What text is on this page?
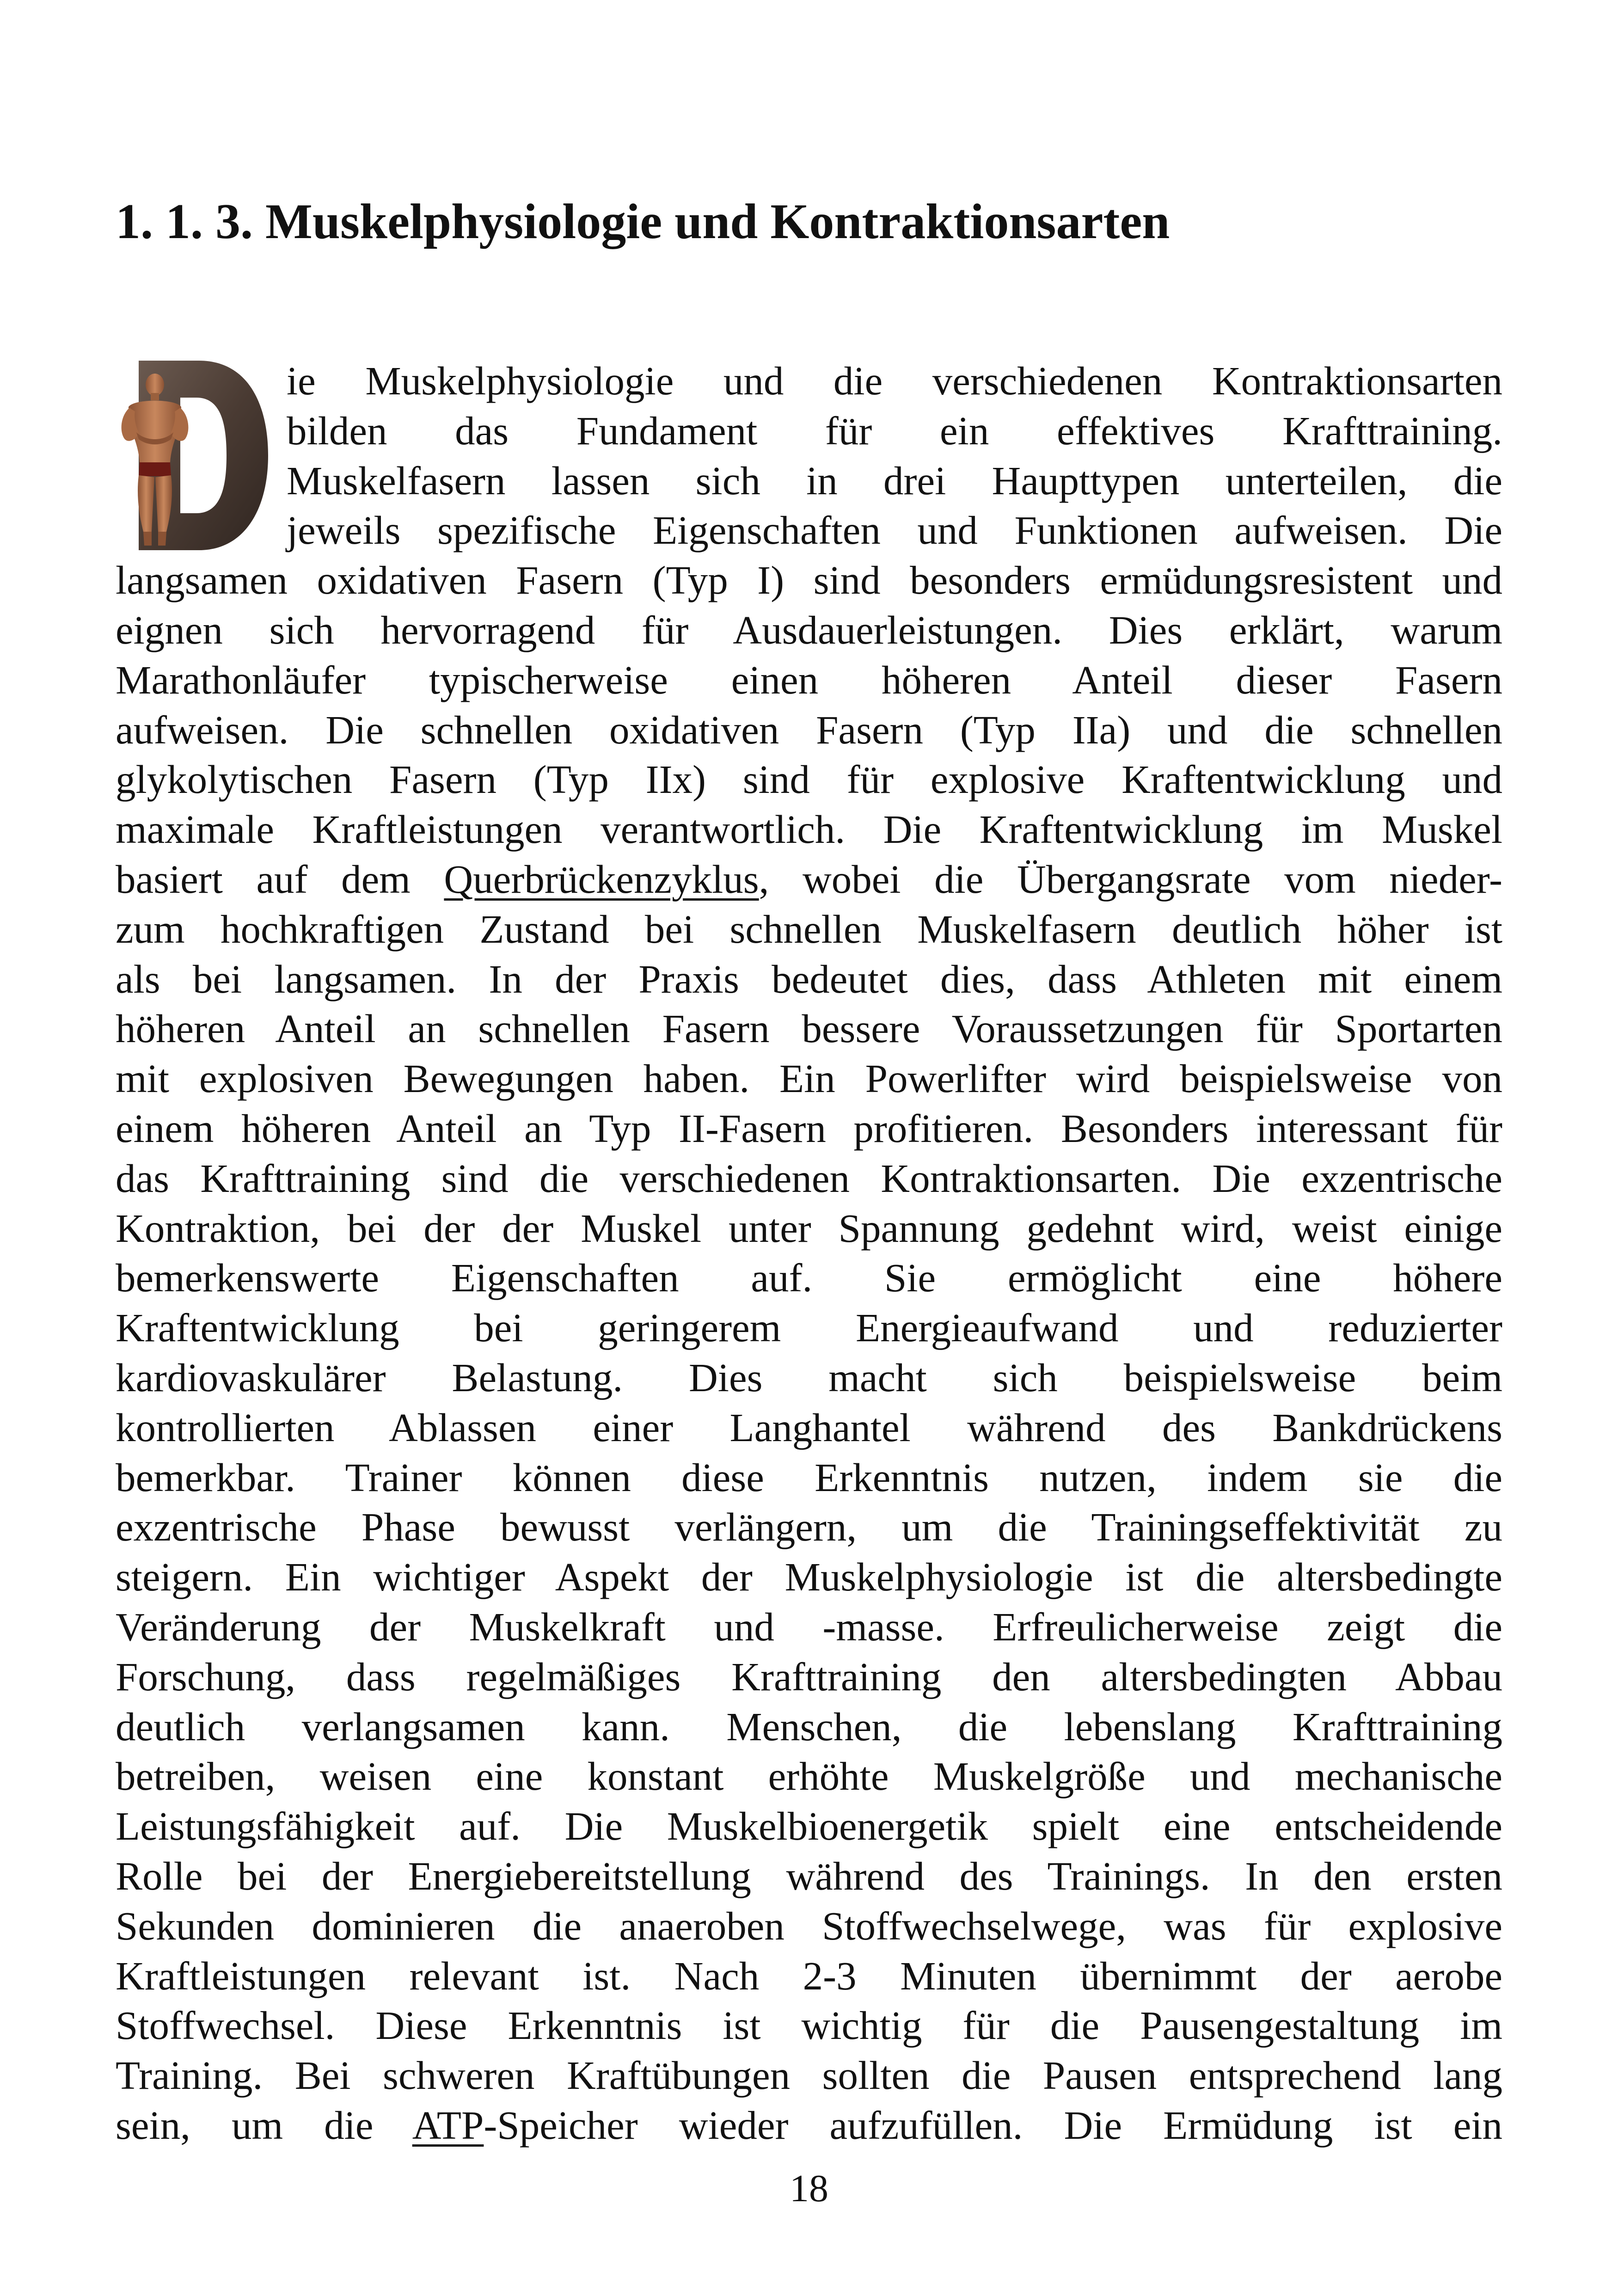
1. 1. 3. Muskelphysiologie und Kontraktionsarten
ie Muskelphysiologie und die verschiedenen Kontraktionsarten
bilden das Fundament für ein effektives Krafttraining.
Muskelfasern lassen sich in drei Haupttypen unterteilen, die
jeweils spezifische Eigenschaften und Funktionen aufweisen. Die
langsamen oxidativen Fasern (Typ I) sind besonders ermüdungsresistent und
eignen sich hervorragend für Ausdauerleistungen. Dies erklärt, warum
Marathonläufer typischerweise einen höheren Anteil dieser Fasern
aufweisen. Die schnellen oxidativen Fasern (Typ IIa) und die schnellen
glykolytischen Fasern (Typ IIx) sind für explosive Kraftentwicklung und
maximale Kraftleistungen verantwortlich. Die Kraftentwicklung im Muskel
basiert auf dem Querbrückenzyklus, wobei die Übergangsrate vom nieder-
zum hochkraftigen Zustand bei schnellen Muskelfasern deutlich höher ist
als bei langsamen. In der Praxis bedeutet dies, dass Athleten mit einem
höheren Anteil an schnellen Fasern bessere Voraussetzungen für Sportarten
mit explosiven Bewegungen haben. Ein Powerlifter wird beispielsweise von
einem höheren Anteil an Typ II-Fasern profitieren. Besonders interessant für
das Krafttraining sind die verschiedenen Kontraktionsarten. Die exzentrische
Kontraktion, bei der der Muskel unter Spannung gedehnt wird, weist einige
bemerkenswerte Eigenschaften auf. Sie ermöglicht eine höhere
Kraftentwicklung bei geringerem Energieaufwand und reduzierter
kardiovaskulärer Belastung. Dies macht sich beispielsweise beim
kontrollierten Ablassen einer Langhantel während des Bankdrückens
bemerkbar. Trainer können diese Erkenntnis nutzen, indem sie die
exzentrische Phase bewusst verlängern, um die Trainingseffektivität zu
steigern. Ein wichtiger Aspekt der Muskelphysiologie ist die altersbedingte
Veränderung der Muskelkraft und -masse. Erfreulicherweise zeigt die
Forschung, dass regelmäßiges Krafttraining den altersbedingten Abbau
deutlich verlangsamen kann. Menschen, die lebenslang Krafttraining
betreiben, weisen eine konstant erhöhte Muskelgröße und mechanische
Leistungsfähigkeit auf. Die Muskelbioenergetik spielt eine entscheidende
Rolle bei der Energiebereitstellung während des Trainings. In den ersten
Sekunden dominieren die anaeroben Stoffwechselwege, was für explosive
Kraftleistungen relevant ist. Nach 2-3 Minuten übernimmt der aerobe
Stoffwechsel. Diese Erkenntnis ist wichtig für die Pausengestaltung im
Training. Bei schweren Kraftübungen sollten die Pausen entsprechend lang
sein, um die ATP-Speicher wieder aufzufüllen. Die Ermüdung ist ein
18
